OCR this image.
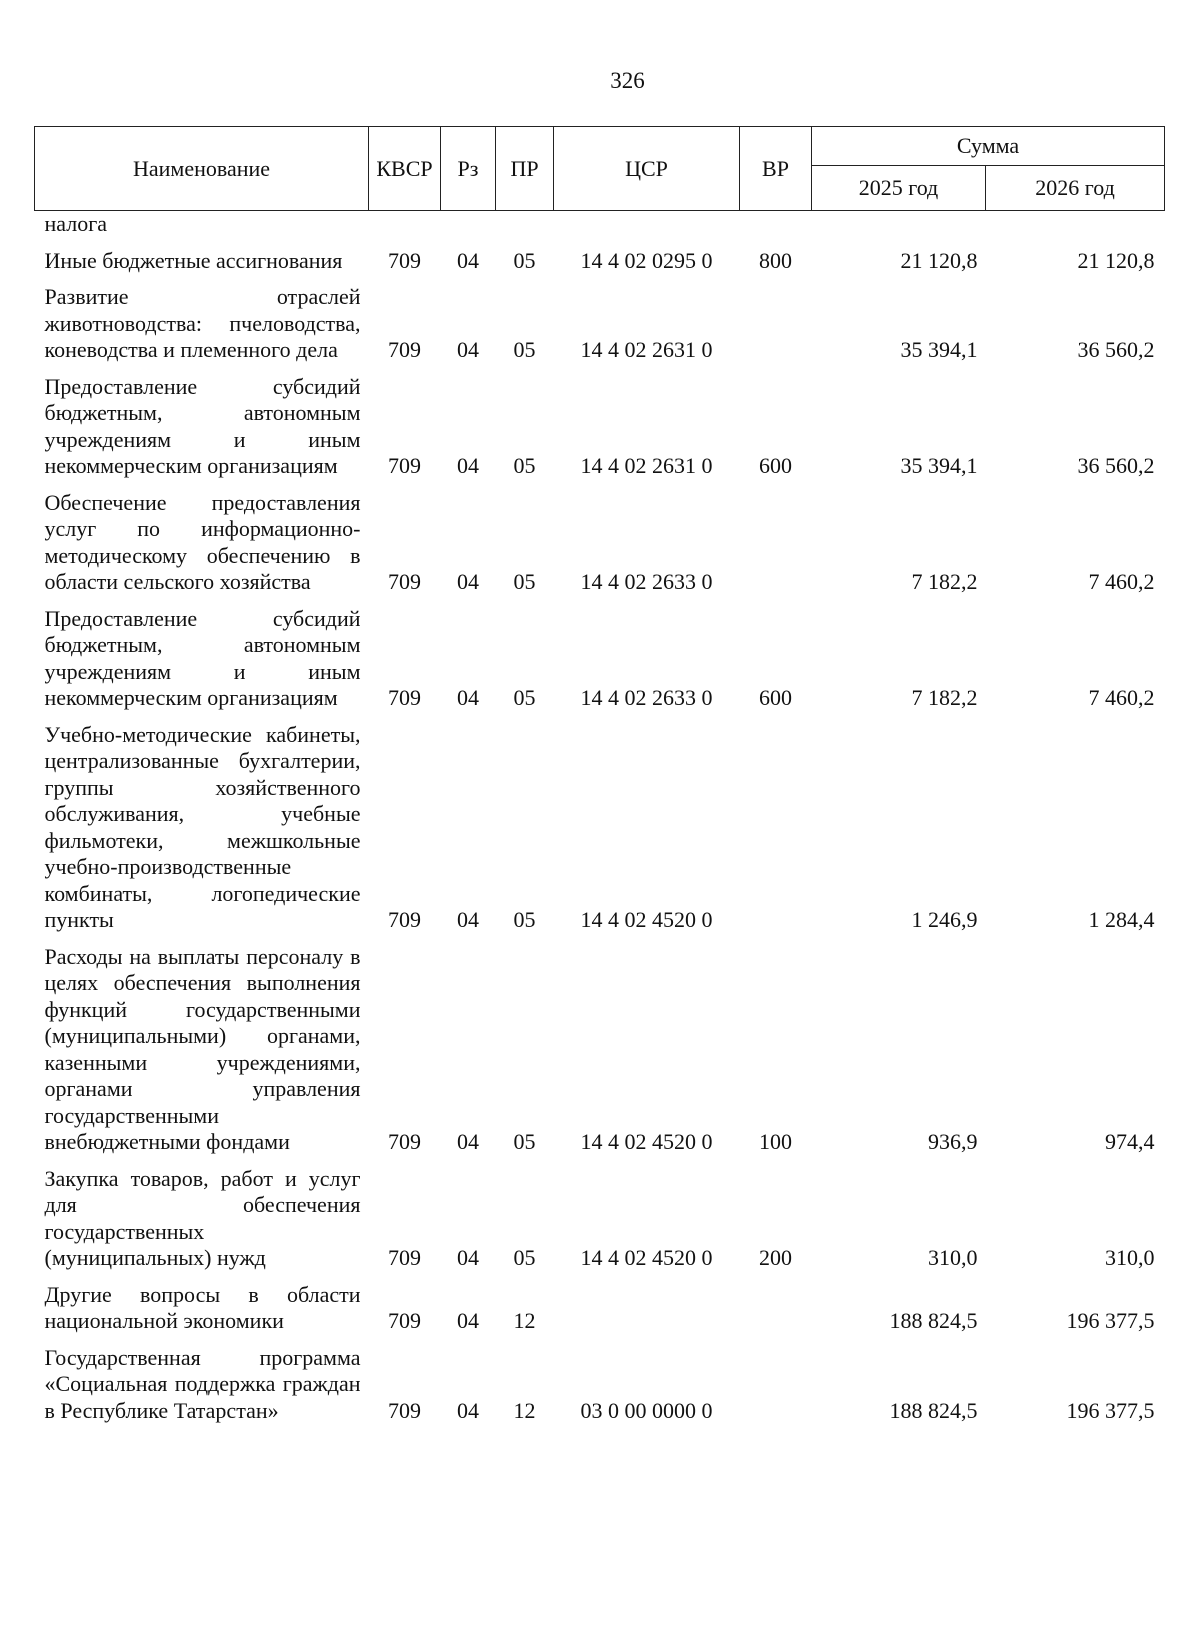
326
Наименование	КВСР	Рз	ПР	ЦСР	ВР	Сумма	
						2025 год	2026 год
налога							
Иные бюджетные ассигнования	709	04	05	14 4 02 0295 0	800	21 120,8	21 120,8
Развитие отраслей животноводства: пчеловодства, коневодства и племенного дела	709	04	05	14 4 02 2631 0		35 394,1	36 560,2
Предоставление субсидий бюджетным, автономным учреждениям и иным некоммерческим организациям	709	04	05	14 4 02 2631 0	600	35 394,1	36 560,2
Обеспечение предоставления услуг по информационно-методическому обеспечению в области сельского хозяйства	709	04	05	14 4 02 2633 0		7 182,2	7 460,2
Предоставление субсидий бюджетным, автономным учреждениям и иным некоммерческим организациям	709	04	05	14 4 02 2633 0	600	7 182,2	7 460,2
Учебно-методические кабинеты, централизованные бухгалтерии, группы хозяйственного обслуживания, учебные фильмотеки, межшкольные учебно-производственные комбинаты, логопедические пункты	709	04	05	14 4 02 4520 0		1 246,9	1 284,4
Расходы на выплаты персоналу в целях обеспечения выполнения функций государственными (муниципальными) органами, казенными учреждениями, органами управления государственными внебюджетными фондами	709	04	05	14 4 02 4520 0	100	936,9	974,4
Закупка товаров, работ и услуг для обеспечения государственных (муниципальных) нужд	709	04	05	14 4 02 4520 0	200	310,0	310,0
Другие вопросы в области национальной экономики	709	04	12			188 824,5	196 377,5
Государственная программа «Социальная поддержка граждан в Республике Татарстан»	709	04	12	03 0 00 0000 0		188 824,5	196 377,5
